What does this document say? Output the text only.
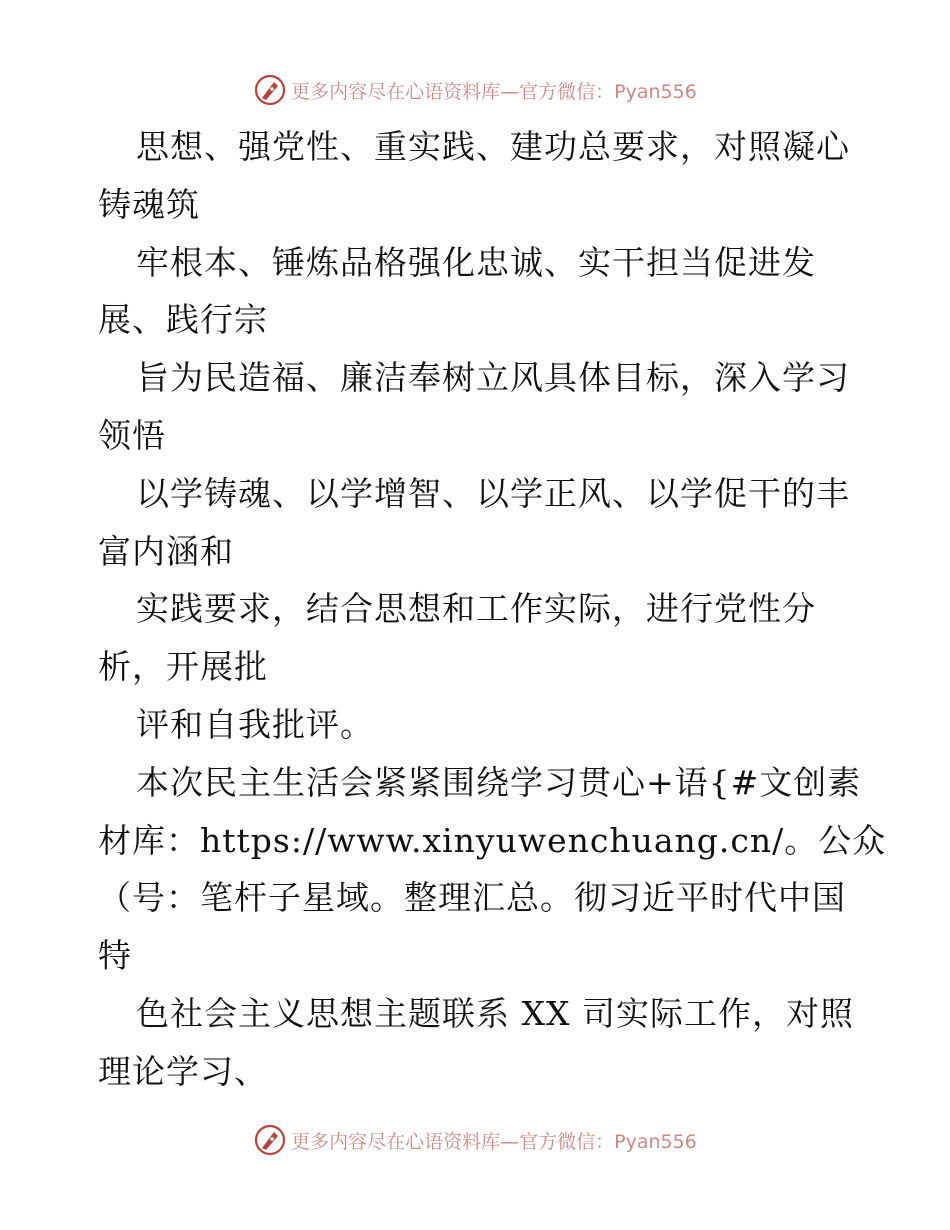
更多内容尽在心语资料库—官方微信：Pyan556
思想、强党性、重实践、建功总要求，对照凝心
铸魂筑
牢根本、锤炼品格强化忠诚、实干担当促进发
展、践行宗
旨为民造福、廉洁奉树立风具体目标，深入学习
领悟
以学铸魂、以学增智、以学正风、以学促干的丰
富内涵和
实践要求，结合思想和工作实际，进行党性分
析，开展批
评和自我批评。
本次民主生活会紧紧围绕学习贯心+语{#文创素
材库：https://www.xinyuwenchuang.cn/。公众
（号：笔杆子星域。整理汇总。彻习近平时代中国
特
色社会主义思想主题联系 XX 司实际工作，对照
理论学习、
更多内容尽在心语资料库—官方微信：Pyan556
